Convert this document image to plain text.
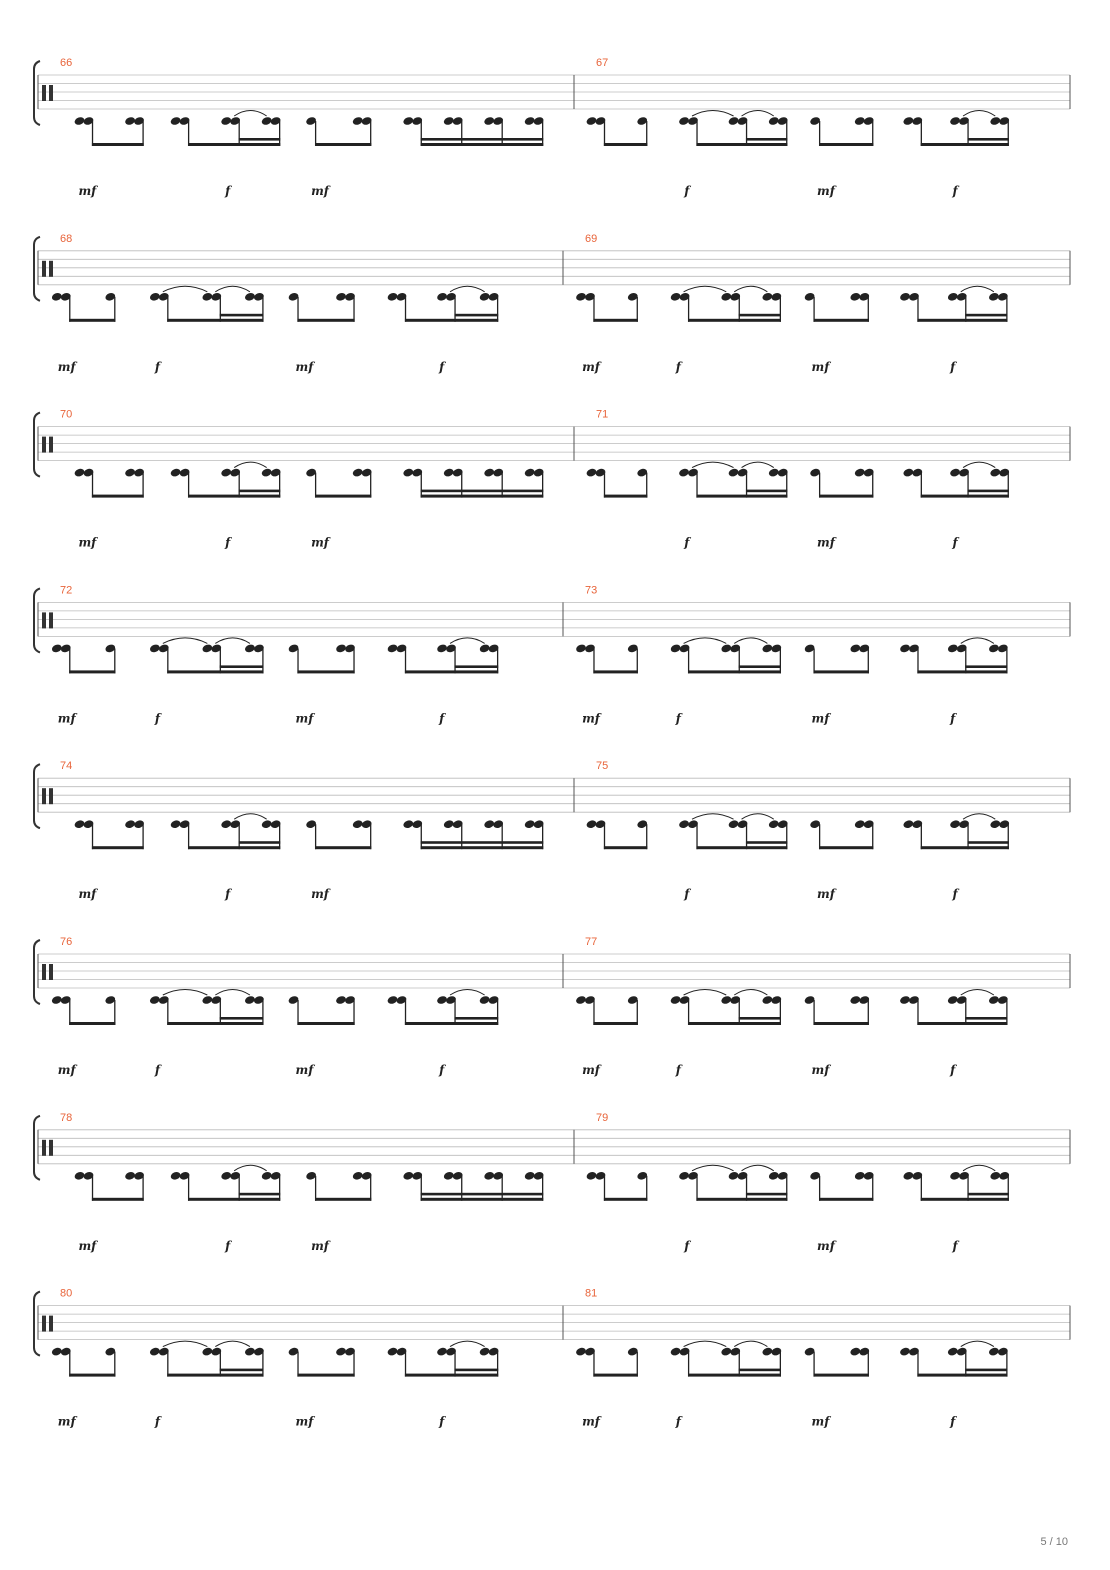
66
mf	f	mf
67
f	mf	f
68
mf	f	mf	f
69
mf	f	mf	f
70
mf	f	mf
71
f	mf	f
72
mf	f	mf	f
73
mf	f	mf	f
74
mf	f	mf
75
f	mf	f
76
mf	f	mf	f
77
mf	f	mf	f
78
mf	f	mf
79
f	mf	f
80
mf	f	mf	f
81
mf	f	mf	f
5 / 10
